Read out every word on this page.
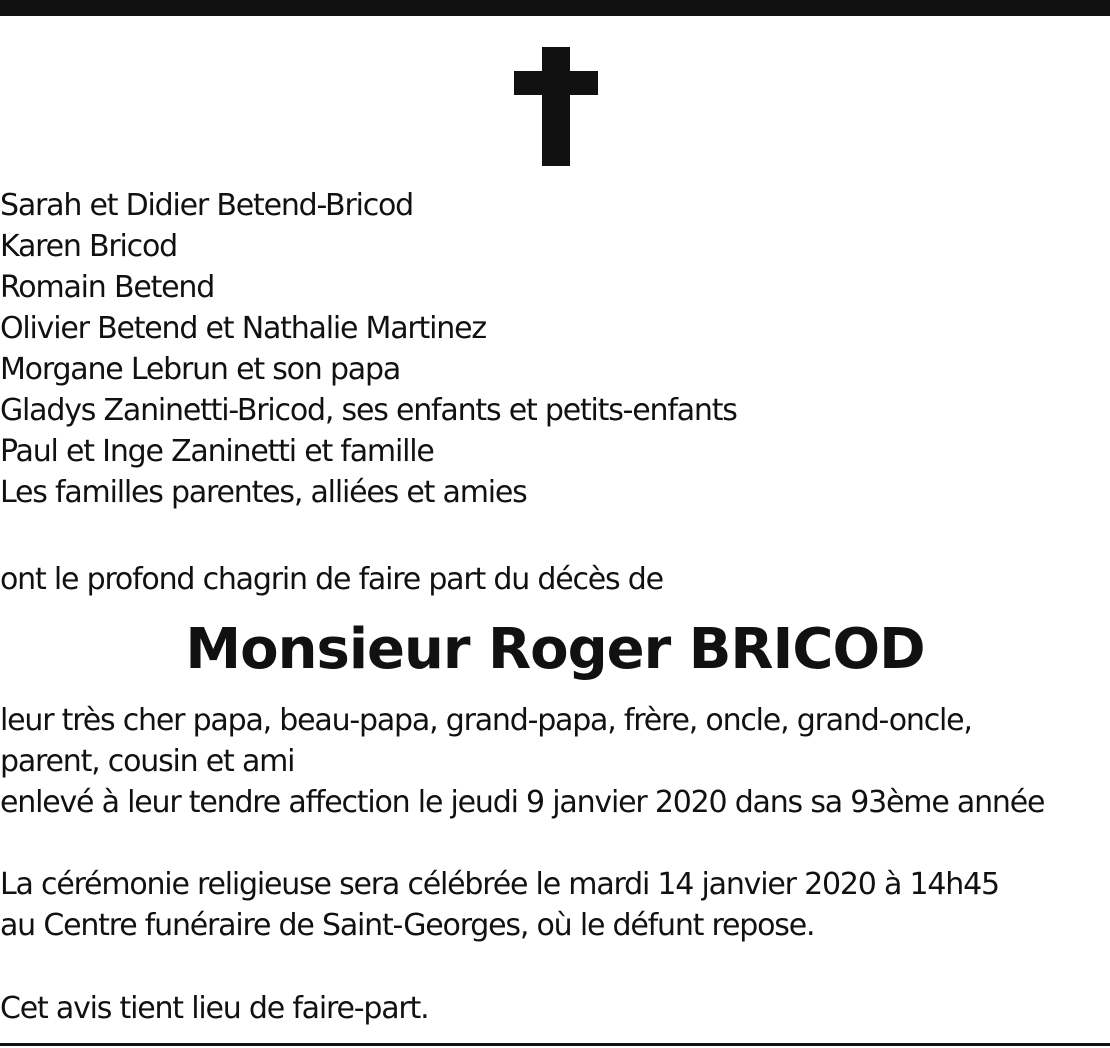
Sarah et Didier Betend-Bricod
Karen Bricod
Romain Betend
Olivier Betend et Nathalie Martinez
Morgane Lebrun et son papa
Gladys Zaninetti-Bricod, ses enfants et petits-enfants
Paul et Inge Zaninetti et famille
Les familles parentes, alliées et amies
ont le profond chagrin de faire part du décès de
Monsieur Roger BRICOD
leur très cher papa, beau-papa, grand-papa, frère, oncle, grand-oncle,
parent, cousin et ami
enlevé à leur tendre affection le jeudi 9 janvier 2020 dans sa 93ème année
La cérémonie religieuse sera célébrée le mardi 14 janvier 2020 à 14h45
au Centre funéraire de Saint-Georges, où le défunt repose.
Cet avis tient lieu de faire-part.
